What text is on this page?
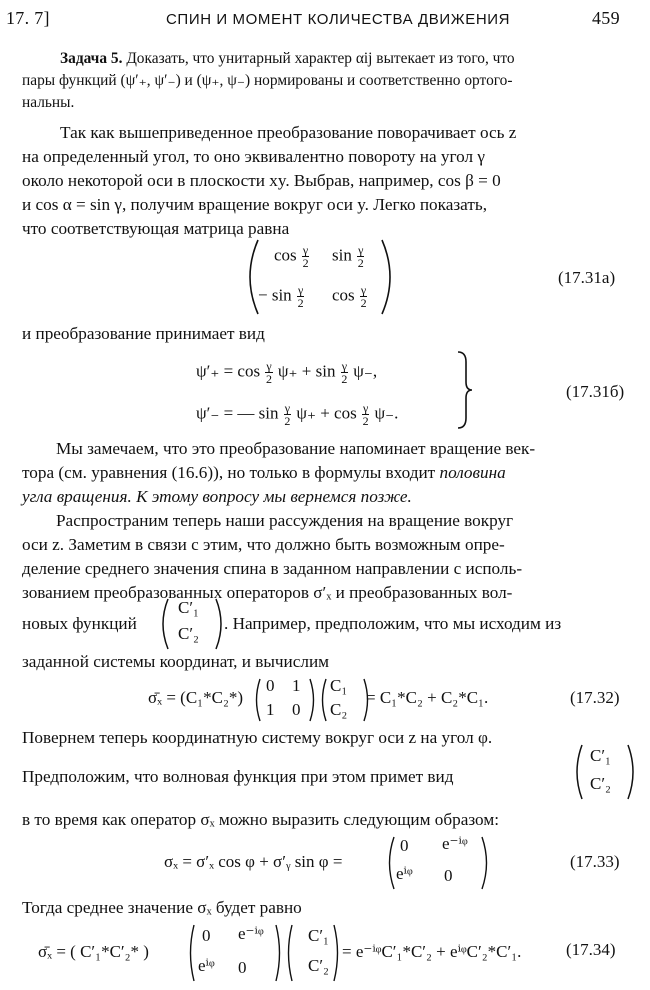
17. 7]	СПИН И МОМЕНТ КОЛИЧЕСТВА ДВИЖЕНИЯ	459
Задача 5. Доказать, что унитарный характер αij вытекает из того, что
пары функций (ψ′₊, ψ′₋) и (ψ₊, ψ₋) нормированы и соответственно ортого-
нальны.
Так как вышеприведенное преобразование поворачивает ось z
на определенный угол, то оно эквивалентно повороту на угол γ
около некоторой оси в плоскости xy. Выбрав, например, cos β = 0
и cos α = sin γ, получим вращение вокруг оси y. Легко показать,
что соответствующая матрица равна
$\cos \frac{\gamma}{2}$ $\sin \frac{\gamma}{2}$
− $\sin \frac{\gamma}{2}$ $\cos \frac{\gamma}{2}$
(17.31a)
и преобразование принимает вид
$\psi'_+ = \cos \frac{\gamma}{2} \psi_+ + \sin \frac{\gamma}{2} \psi_-$,
ψ′₋ = — $\sin \frac{\gamma}{2} \psi_+ + \cos \frac{\gamma}{2} \psi_-$.
(17.31б)
Мы замечаем, что это преобразование напоминает вращение век-
тора (см. уравнения (16.6)), но только в формулы входит половина
угла вращения. К этому вопросу мы вернемся позже.
Распространим теперь наши рассуждения на вращение вокруг
оси z. Заметим в связи с этим, что должно быть возможным опре-
деление среднего значения спина в заданном направлении с исполь-
зованием преобразованных операторов σ′ₓ и преобразованных вол-
новых функций
C′₁
C′₂
. Например, предположим, что мы исходим из
заданной системы координат, и вычислим
σ̄ₓ = (C₁*C₂*)
0 1
1 0
C₁
C₂
= C₁*C₂ + C₂*C₁.	(17.32)
Повернем теперь координатную систему вокруг оси z на угол φ.
Предположим, что волновая функция при этом примет вид
C′₁
C′₂
в то время как оператор σₓ можно выразить следующим образом:
σₓ = σ′ₓ cos φ + σ′ᵧ sin φ =
0 e⁻ⁱᵠ
eⁱᵠ 0
(17.33)
Тогда среднее значение σₓ будет равно
σ̄ₓ = ( C′₁*C′₂* )
0 e⁻ⁱᵠ
eⁱᵠ 0
C′₁
C′₂
= e⁻ⁱᵠC′₁*C′₂ + eⁱᵠC′₂*C′₁.	(17.34)
